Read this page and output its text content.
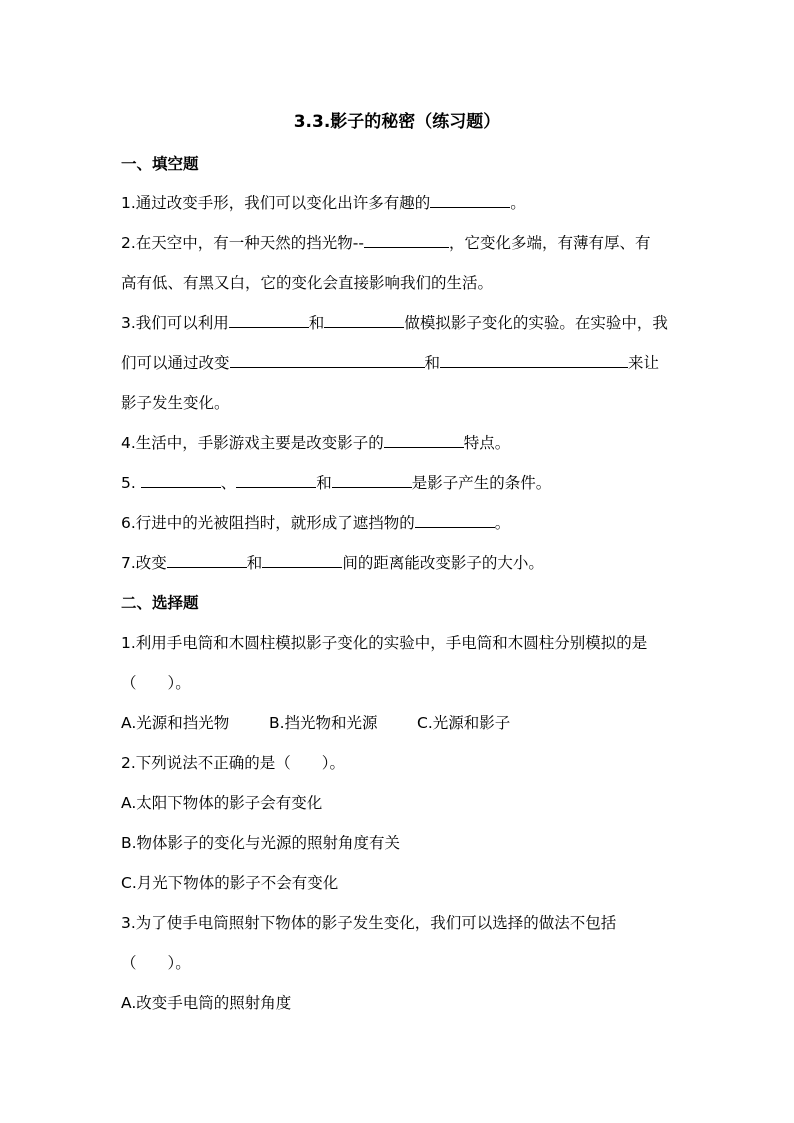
3.3.影子的秘密（练习题）
一、填空题
1.通过改变手形，我们可以变化出许多有趣的	。
2.在天空中，有一种天然的挡光物--	，它变化多端，有薄有厚、有
高有低、有黑又白，它的变化会直接影响我们的生活。
3.我们可以利用	和	做模拟影子变化的实验。在实验中，我
们可以通过改变	和	来让
影子发生变化。
4.生活中，手影游戏主要是改变影子的	特点。
5.	、	和	是影子产生的条件。
6.行进中的光被阻挡时，就形成了遮挡物的	。
7.改变	和	间的距离能改变影子的大小。
二、选择题
1.利用手电筒和木圆柱模拟影子变化的实验中，手电筒和木圆柱分别模拟的是
（　　）。
A.光源和挡光物	B.挡光物和光源	C.光源和影子
2.下列说法不正确的是（　　）。
A.太阳下物体的影子会有变化
B.物体影子的变化与光源的照射角度有关
C.月光下物体的影子不会有变化
3.为了使手电筒照射下物体的影子发生变化，我们可以选择的做法不包括
（　　）。
A.改变手电筒的照射角度
